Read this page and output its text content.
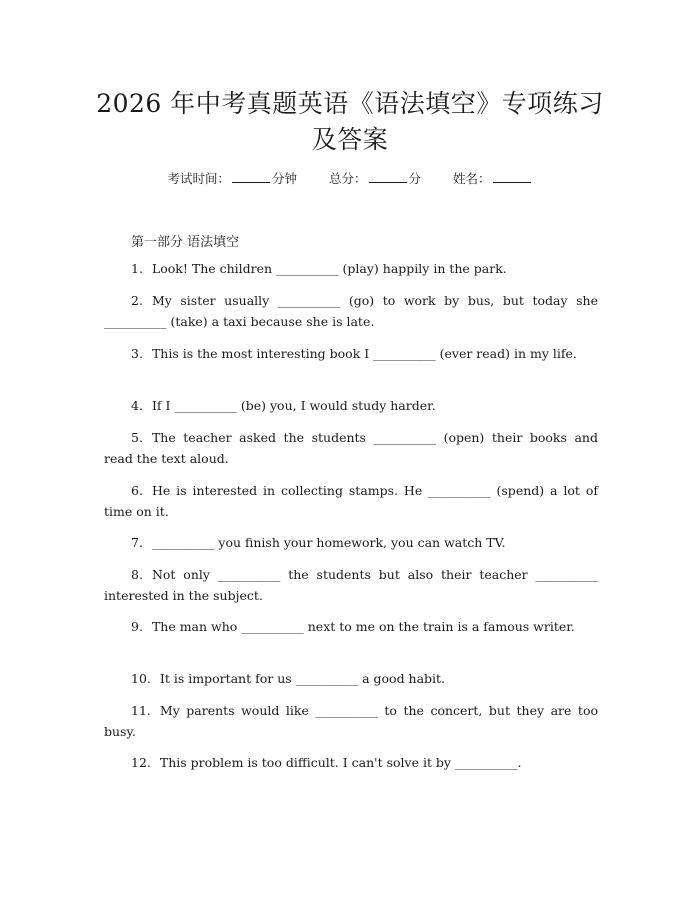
2026 年中考真题英语《语法填空》专项练习
及答案
考试时间：	分钟	总分：	分	姓名：
第一部分 语法填空

1. Look! The children __________ (play) happily in the park.

2. My sister usually __________ (go) to work by bus, but today she __________ (take) a taxi because she is late.

3. This is the most interesting book I __________ (ever read) in my life.

4. If I __________ (be) you, I would study harder.

5. The teacher asked the students __________ (open) their books and read the text aloud.

6. He is interested in collecting stamps. He __________ (spend) a lot of time on it.

7. __________ you finish your homework, you can watch TV.

8. Not only __________ the students but also their teacher __________ interested in the subject.

9. The man who __________ next to me on the train is a famous writer.

10. It is important for us __________ a good habit.

11. My parents would like __________ to the concert, but they are too busy.

12. This problem is too difficult. I can't solve it by __________.
